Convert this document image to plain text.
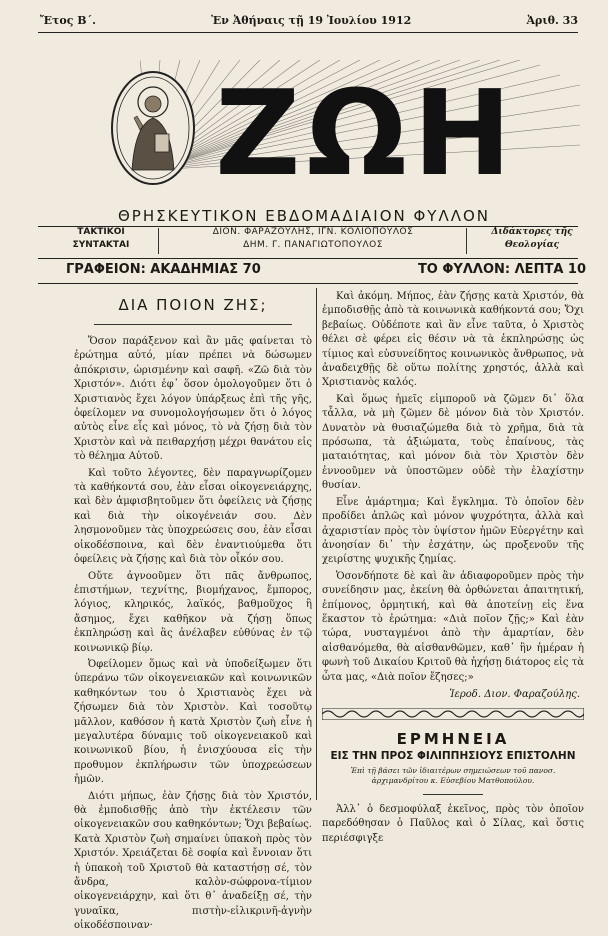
Ἔτος Β΄.	Ἐν Ἀθήναις τῇ 19 Ἰουλίου 1912	Ἀριθ. 33
ΖΩΗ
ΘΡΗΣΚΕΥΤΙΚΟΝ ΕΒΔΟΜΑΔΙΑΙΟΝ ΦΥΛΛΟΝ
ΤΑΚΤΙΚΟΙ
ΣΥΝΤΑΚΤΑΙ
ΔΙΟΝ. ΦΑΡΑΖΟΥΛΗΣ, ΙΓΝ. ΚΟΛΙΟΠΟΥΛΟΣ
ΔΗΜ. Γ. ΠΑΝΑΓΙΩΤΟΠΟΥΛΟΣ
Διδάκτορες τῆς
Θεολογίας
ΓΡΑΦΕΙΟΝ: ΑΚΑΔΗΜΙΑΣ 70	ΤΟ ΦΥΛΛΟΝ: ΛΕΠΤΑ 10
ΔΙΑ ΠΟΙΟΝ ΖΗΣ;

Ὅσον παράξενον καὶ ἂν μᾶς φαίνεται τὸ ἐρώτημα αὐτό, μίαν πρέπει νὰ δώσωμεν ἀπόκρισιν, ὡρισμένην καὶ σαφῆ. «Ζῶ διὰ τὸν Χριστόν». Διότι ἐφ᾿ ὅσον ὁμολογοῦμεν ὅτι ὁ Χριστιανὸς ἔχει λόγον ὑπάρξεως ἐπὶ τῆς γῆς, ὀφείλομεν να συνομολογήσωμεν ὅτι ὁ λόγος αὐτὸς εἶνε εἷς καὶ μόνος, τὸ νὰ ζήσῃ διὰ τὸν Χριστὸν καὶ νὰ πειθαρχήσῃ μέχρι θανάτου εἰς τὸ θέλημα Αὐτοῦ.

Καὶ τοῦτο λέγοντες, δὲν παραγνωρίζομεν τὰ καθήκοντά σου, ἐὰν εἶσαι οἰκογενειάρχης, καὶ δὲν ἀμφισβητοῦμεν ὅτι ὀφείλεις νὰ ζήσῃς καὶ διὰ τὴν οἰκογένειάν σου. Δὲν λησμονοῦμεν τὰς ὑποχρεώσεις σου, ἐὰν εἶσαι οἰκοδέσποινα, καὶ δὲν ἐναντιούμεθα ὅτι ὀφείλεις νὰ ζήσῃς καὶ διὰ τὸν οἶκόν σου.

Οὔτε ἀγνοοῦμεν ὅτι πᾶς ἄνθρωπος, ἐπιστήμων, τεχνίτης, βιομήχανος, ἔμπορος, λόγιος, κληρικός, λαϊκός, βαθμοῦχος ἢ ἄσημος, ἔχει καθῆκον νὰ ζήσῃ ὅπως ἐκπληρώσῃ καὶ ἃς ἀνέλαβεν εὐθύνας ἐν τῷ κοινωνικῷ βίῳ.

Ὀφείλομεν ὅμως καὶ νὰ ὑποδείξωμεν ὅτι ὑπεράνω τῶν οἰκογενειακῶν καὶ κοινωνικῶν καθηκόντων του ὁ Χριστιανὸς ἔχει νὰ ζήσωμεν διὰ τὸν Χριστὸν. Καὶ τοσοῦτῳ μᾶλλον, καθόσον ἡ κατὰ Χριστὸν ζωὴ εἶνε ἡ μεγαλυτέρα δύναμις τοῦ οἰκογενειακοῦ καὶ κοινωνικοῦ βίου, ἡ ἐνισχύουσα εἰς τὴν προθυμον ἐκπλήρωσιν τῶν ὑποχρεώσεων ἡμῶν.

Διότι μήπως, ἐὰν ζήσῃς διὰ τὸν Χριστόν, θὰ ἐμποδισθῇς ἀπὸ τὴν ἐκτέλεσιν τῶν οἰκογενειακῶν σου καθηκόντων; Ὄχι βεβαίως. Κατὰ Χριστὸν ζωὴ σημαίνει ὑπακοὴ πρὸς τὸν Χριστόν. Χρειάζεται δὲ σοφία καὶ ἔννοιαν ὅτι ἡ ὑπακοὴ τοῦ Χριστοῦ θὰ καταστήσῃ σέ, τὸν ἄνδρα, καλὸν-σώφρονα-τίμιον οἰκογενειάρχην, καὶ ὅτι θ᾿ ἀναδείξῃ σέ, τὴν γυναῖκα, πιστὴν-εἰλικρινῆ-ἀγνὴν οἰκοδέσποιναν·

Καὶ ἀκόμη. Μήπος, ἐὰν ζήσῃς κατὰ Χριστόν, θὰ ἐμποδισθῇς ἀπὸ τὰ κοινωνικὰ καθήκοντά σου; Ὄχι βεβαίως. Οὐδέποτε καὶ ἂν εἶνε ταῦτα, ὁ Χριστὸς θέλει σὲ φέρει εἰς θέσιν νὰ τὰ ἐκπληρώσῃς ὡς τίμιος καὶ εὐσυνείδητος κοινωνικὸς ἄνθρωπος, νὰ ἀναδειχθῇς δὲ οὕτω πολίτης χρηστός, ἀλλὰ καὶ Χριστιανὸς καλός.

Καὶ ὅμως ἡμεῖς εἰμποροῦ νὰ ζῶμεν δι᾿ ὅλα τἆλλα, νὰ μὴ ζῶμεν δὲ μόνον διὰ τὸν Χριστόν. Δυνατὸν νὰ θυσιαζώμεθα διὰ τὸ χρῆμα, διὰ τὰ πρόσωπα, τὰ ἀξιώματα, τοὺς ἐπαίνους, τὰς ματαιότητας, καὶ μόνον διὰ τὸν Χριστὸν δὲν ἐννοοῦμεν νὰ ὑποστῶμεν οὐδὲ τὴν ἐλαχίστην θυσίαν.

Εἶνε ἁμάρτημα; Καὶ ἔγκλημα. Τὸ ὁποῖον δὲν προδίδει ἁπλῶς καὶ μόνον ψυχρότητα, ἀλλὰ καὶ ἀχαριστίαν πρὸς τὸν ὑψίστον ἡμῶν Εὐεργέτην καὶ ἀνοησίαν δι᾿ τὴν ἐσχάτην, ὡς προξενοῦν τῆς χειρίστης ψυχικῆς ζημίας.

Ὁσονδήποτε δὲ καὶ ἂν ἀδιαφοροῦμεν πρὸς τὴν συνείδησιν μας, ἐκείνη θὰ ὀρθώνεται ἀπαιτητική, ἐπίμονος, ὁρμητική, καὶ θὰ ἀποτείνῃ εἰς ἕνα ἕκαστον τὸ ἐρώτημα: «Διὰ ποῖον ζῇς;» Καὶ ἐὰν τώρα, νυσταγμένοι ἀπὸ τὴν ἁμαρτίαν, δὲν αἰσθανόμεθα, θὰ αἰσθανθῶμεν, καθ᾿ ἣν ἡμέραν ἡ φωνὴ τοῦ Δικαίου Κριτοῦ θὰ ἠχήσῃ διάτορος εἰς τὰ ὦτα μας, «Διὰ ποῖον ἔζησες;»

Ἱεροδ. Διον. Φαραζούλης.
ΕΡΜΗΝΕΙΑ
ΕΙΣ ΤΗΝ ΠΡΟΣ ΦΙΛΙΠΠΗΣΙΟΥΣ ΕΠΙΣΤΟΛΗΝ
Ἐπὶ τῇ βάσει τῶν ἰδιαιτέρων σημειώσεων τοῦ πανοσ. ἀρχιμανδρίτου κ. Εὐσεβίου Ματθοπούλου.

Ἀλλ᾿ ὁ δεσμοφύλαξ ἐκεῖνος, πρὸς τὸν ὁποῖον παρεδόθησαν ὁ Παῦλος καὶ ὁ Σίλας, καὶ ὅστις περιέσφιγξε
